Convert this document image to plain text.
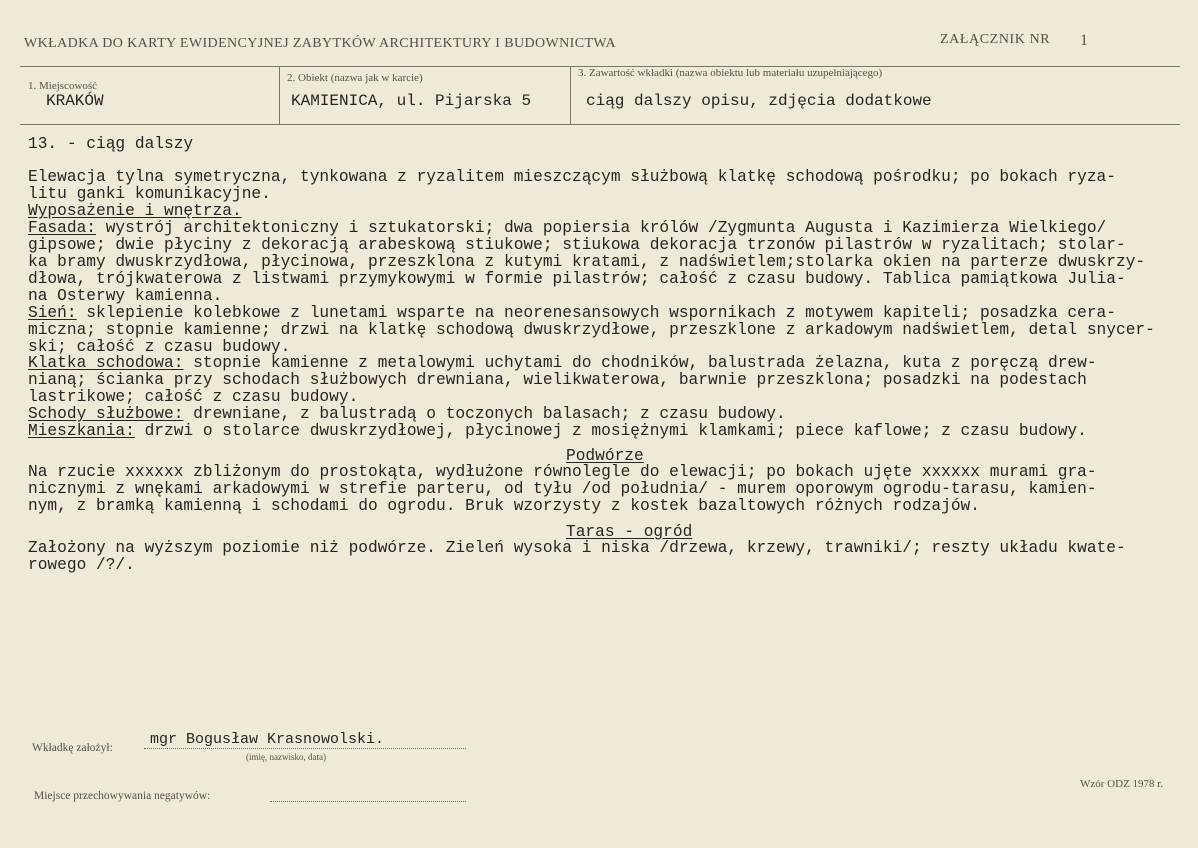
WKŁADKA DO KARTY EWIDENCYJNEJ ZABYTKÓW ARCHITEKTURY I BUDOWNICTWA	ZAŁĄCZNIK NR 1
1. Miejscowość
KRAKÓW
2. Obiekt (nazwa jak w karcie)
KAMIENICA, ul. Pijarska 5
3. Zawartość wkładki (nazwa obiektu lub materiału uzupełniającego)
ciąg dalszy opisu, zdjęcia dodatkowe
13. - ciąg dalszy
Elewacja tylna symetryczna, tynkowana z ryzalitem mieszczącym służbową klatkę schodową pośrodku; po bokach ryza-
litu ganki komunikacyjne.
Wyposażenie i wnętrza.
Fasada: wystrój architektoniczny i sztukatorski; dwa popiersia królów /Zygmunta Augusta i Kazimierza Wielkiego/
gipsowe; dwie płyciny z dekoracją arabeskową stiukowe; stiukowa dekoracja trzonów pilastrów w ryzalitach; stolar-
ka bramy dwuskrzydłowa, płycinowa, przeszklona z kutymi kratami, z nadświetlem;stolarka okien na parterze dwuskrzy-
dłowa, trójkwaterowa z listwami przymykowymi w formie pilastrów; całość z czasu budowy. Tablica pamiątkowa Julia-
na Osterwy kamienna.
Sień: sklepienie kolebkowe z lunetami wsparte na neorenesansowych wspornikach z motywem kapiteli; posadzka cera-
miczna; stopnie kamienne; drzwi na klatkę schodową dwuskrzydłowe, przeszklone z arkadowym nadświetlem, detal snycer-
ski; całość z czasu budowy.
Klatka schodowa: stopnie kamienne z metalowymi uchytami do chodników, balustrada żelazna, kuta z poręczą drew-
nianą; ścianka przy schodach służbowych drewniana, wielikwaterowa, barwnie przeszklona; posadzki na podestach
lastrikowe; całość z czasu budowy.
Schody służbowe: drewniane, z balustradą o toczonych balasach; z czasu budowy.
Mieszkania: drzwi o stolarce dwuskrzydłowej, płycinowej z mosiężnymi klamkami; piece kaflowe; z czasu budowy.
Podwórze
Na rzucie xxxxxx zbliżonym do prostokąta, wydłużone równolegle do elewacji; po bokach ujęte xxxxxx murami gra-
nicznymi z wnękami arkadowymi w strefie parteru, od tyłu /od południa/ - murem oporowym ogrodu-tarasu, kamien-
nym, z bramką kamienną i schodami do ogrodu. Bruk wzorzysty z kostek bazaltowych różnych rodzajów.
Taras - ogród
Założony na wyższym poziomie niż podwórze. Zieleń wysoka i niska /drzewa, krzewy, trawniki/; reszty układu kwate-
rowego /?/.
Wkładkę założył: mgr Bogusław Krasnowolski.
(imię, nazwisko, data)
Wzór ODZ 1978 r.
Miejsce przechowywania negatywów:
